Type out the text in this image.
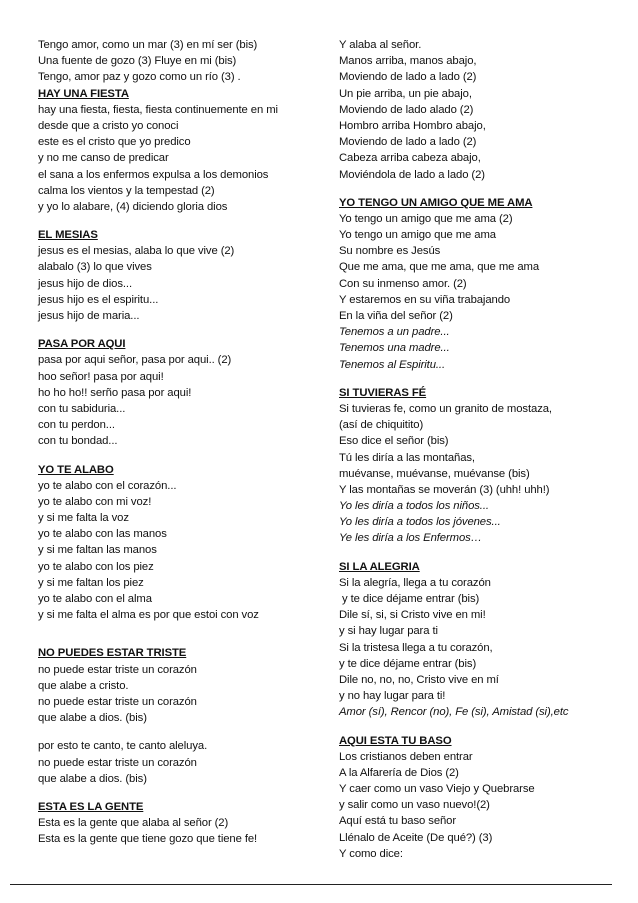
Tengo amor, como un mar (3) en mí ser (bis)
Una fuente de gozo (3) Fluye en mi (bis)
Tengo, amor paz y gozo como un río (3) .
HAY UNA FIESTA
hay una fiesta, fiesta, fiesta continuemente en mi
desde que a cristo yo conoci
este es el cristo que yo predico
y no me canso de predicar
el sana a los enfermos expulsa a los demonios
calma los vientos y la tempestad (2)
y yo lo alabare, (4) diciendo gloria dios
EL MESIAS
jesus es el mesias, alaba lo que vive (2)
alabalo (3) lo que vives
jesus hijo de dios...
jesus hijo es el espiritu...
jesus hijo de maria...
PASA POR AQUI
pasa por aqui señor, pasa por aqui.. (2)
hoo señor! pasa por aqui!
ho ho ho!! serño pasa por aqui!
con tu sabiduria...
con tu perdon...
con tu bondad...
YO TE ALABO
yo te alabo con el corazón...
yo te alabo con mi voz!
y si me falta la voz
yo te alabo con las manos
y si me faltan las manos
yo te alabo con los piez
y si me faltan los piez
yo te alabo con el alma
y si me falta el alma es por que estoi con voz
NO PUEDES ESTAR TRISTE
no puede estar triste un corazón
que alabe a cristo.
no puede estar triste un corazón
que alabe a dios. (bis)
por esto te canto, te canto aleluya.
no puede estar triste un corazón
que alabe a dios. (bis)
ESTA ES LA GENTE
Esta es la gente que alaba al señor (2)
Esta es la gente que tiene gozo que tiene fe!
Y alaba al señor.
Manos arriba, manos abajo,
Moviendo de lado a lado (2)
Un pie arriba, un pie abajo,
Moviendo de lado alado (2)
Hombro arriba Hombro abajo,
Moviendo de lado a lado (2)
Cabeza arriba cabeza abajo,
Moviéndola de lado a lado (2)
YO TENGO UN AMIGO QUE ME AMA
Yo tengo un amigo que me ama (2)
Yo tengo un amigo que me ama
Su nombre es Jesús
Que me ama, que me ama, que me ama
Con su inmenso amor. (2)
Y estaremos en su viña trabajando
En la viña del señor (2)
Tenemos a un padre...
Tenemos una madre...
Tenemos al Espiritu...
SI TUVIERAS FÉ
Si tuvieras fe, como un granito de mostaza,
(así de chiquitito)
Eso dice el señor (bis)
Tú les diría a las montañas,
muévanse, muévanse, muévanse (bis)
Y las montañas se moverán (3) (uhh! uhh!)
Yo les diría a todos los niños...
Yo les diría a todos los jóvenes...
Ye les diría a los Enfermos…
SI LA ALEGRIA
Si la alegría, llega a tu corazón
y te dice déjame entrar (bis)
Dile sí, si, si Cristo vive en mi!
y si hay lugar para ti
Si la tristesa llega a tu corazón,
y te dice déjame entrar (bis)
Dile no, no, no, Cristo vive en mí
y no hay lugar para ti!
Amor (sí), Rencor (no), Fe (si), Amistad (si),etc
AQUI ESTA TU BASO
Los cristianos deben entrar
A la Alfarería de Dios (2)
Y caer como un vaso Viejo y Quebrarse
y salir como un vaso nuevo!(2)
Aquí está tu baso señor
Llénalo de Aceite (De qué?) (3)
Y como dice:
